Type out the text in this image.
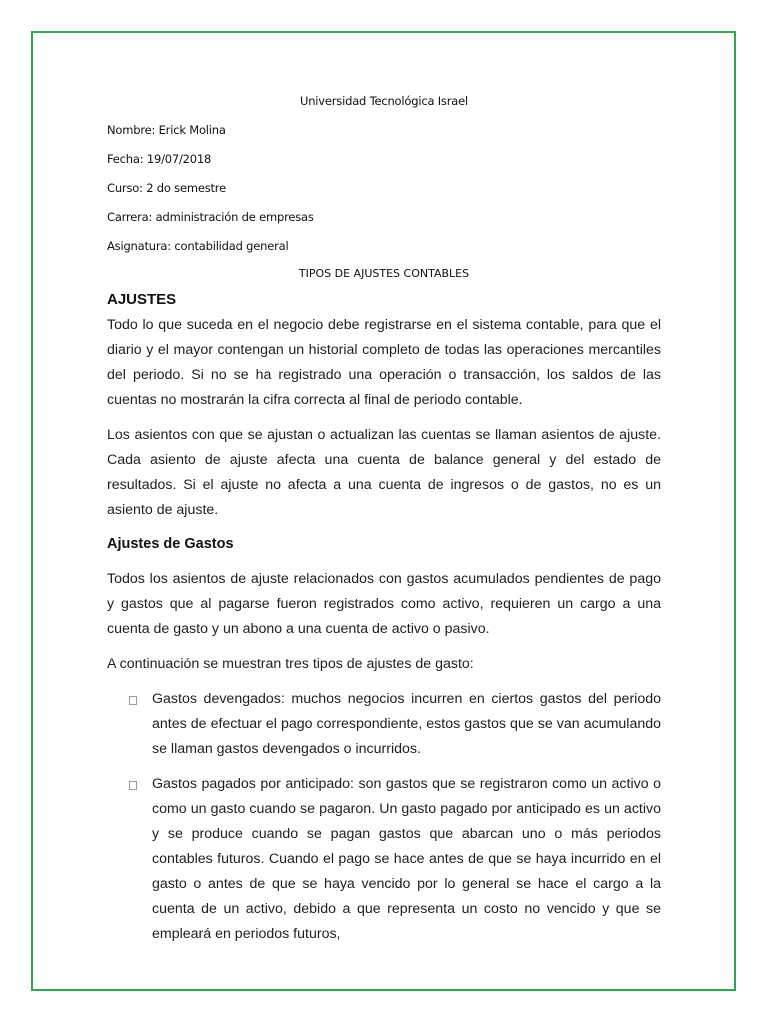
Universidad Tecnológica Israel

Nombre: Erick Molina

Fecha: 19/07/2018

Curso: 2 do semestre

Carrera: administración de empresas

Asignatura: contabilidad general

TIPOS DE AJUSTES CONTABLES

AJUSTES

Todo lo que suceda en el negocio debe registrarse en el sistema contable, para que el diario y el mayor contengan un historial completo de todas las operaciones mercantiles del periodo. Si no se ha registrado una operación o transacción, los saldos de las cuentas no mostrarán la cifra correcta al final de periodo contable.

Los asientos con que se ajustan o actualizan las cuentas se llaman asientos de ajuste. Cada asiento de ajuste afecta una cuenta de balance general y del estado de resultados. Si el ajuste no afecta a una cuenta de ingresos o de gastos, no es un asiento de ajuste.

Ajustes de Gastos

Todos los asientos de ajuste relacionados con gastos acumulados pendientes de pago y gastos que al pagarse fueron registrados como activo, requieren un cargo a una cuenta de gasto y un abono a una cuenta de activo o pasivo.

A continuación se muestran tres tipos de ajustes de gasto:

Gastos devengados: muchos negocios incurren en ciertos gastos del periodo antes de efectuar el pago correspondiente, estos gastos que se van acumulando se llaman gastos devengados o incurridos.

Gastos pagados por anticipado: son gastos que se registraron como un activo o como un gasto cuando se pagaron. Un gasto pagado por anticipado es un activo y se produce cuando se pagan gastos que abarcan uno o más periodos contables futuros. Cuando el pago se hace antes de que se haya incurrido en el gasto o antes de que se haya vencido por lo general se hace el cargo a la cuenta de un activo, debido a que representa un costo no vencido y que se empleará en periodos futuros,
